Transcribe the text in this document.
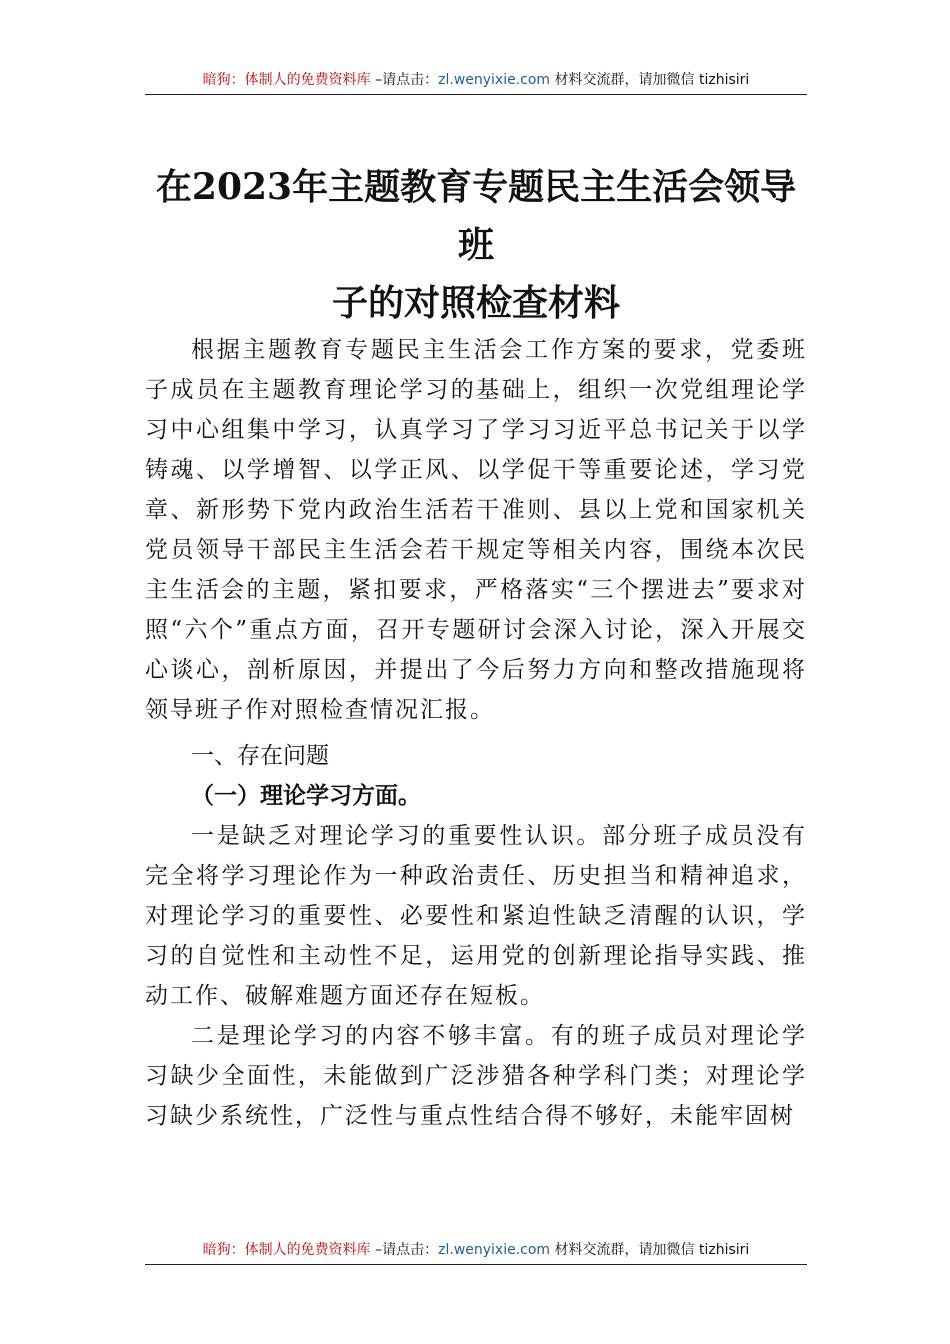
暗狗：体制人的免费资料库 –请点击：zl.wenyixie.com 材料交流群，请加微信 tizhisiri
在2023年主题教育专题民主生活会领导班
子的对照检查材料

根据主题教育专题民主生活会工作方案的要求，党委班子成员在主题教育理论学习的基础上，组织一次党组理论学习中心组集中学习，认真学习了学习习近平总书记关于以学铸魂、以学增智、以学正风、以学促干等重要论述，学习党章、新形势下党内政治生活若干准则、县以上党和国家机关党员领导干部民主生活会若干规定等相关内容，围绕本次民主生活会的主题，紧扣要求，严格落实“三个摆进去”要求对照“六个”重点方面，召开专题研讨会深入讨论，深入开展交心谈心，剖析原因，并提出了今后努力方向和整改措施现将领导班子作对照检查情况汇报。

一、存在问题

（一）理论学习方面。

一是缺乏对理论学习的重要性认识。部分班子成员没有完全将学习理论作为一种政治责任、历史担当和精神追求，对理论学习的重要性、必要性和紧迫性缺乏清醒的认识，学习的自觉性和主动性不足，运用党的创新理论指导实践、推动工作、破解难题方面还存在短板。

二是理论学习的内容不够丰富。有的班子成员对理论学习缺少全面性，未能做到广泛涉猎各种学科门类；对理论学习缺少系统性，广泛性与重点性结合得不够好，未能牢固树

暗狗：体制人的免费资料库 –请点击：zl.wenyixie.com 材料交流群，请加微信 tizhisiri
